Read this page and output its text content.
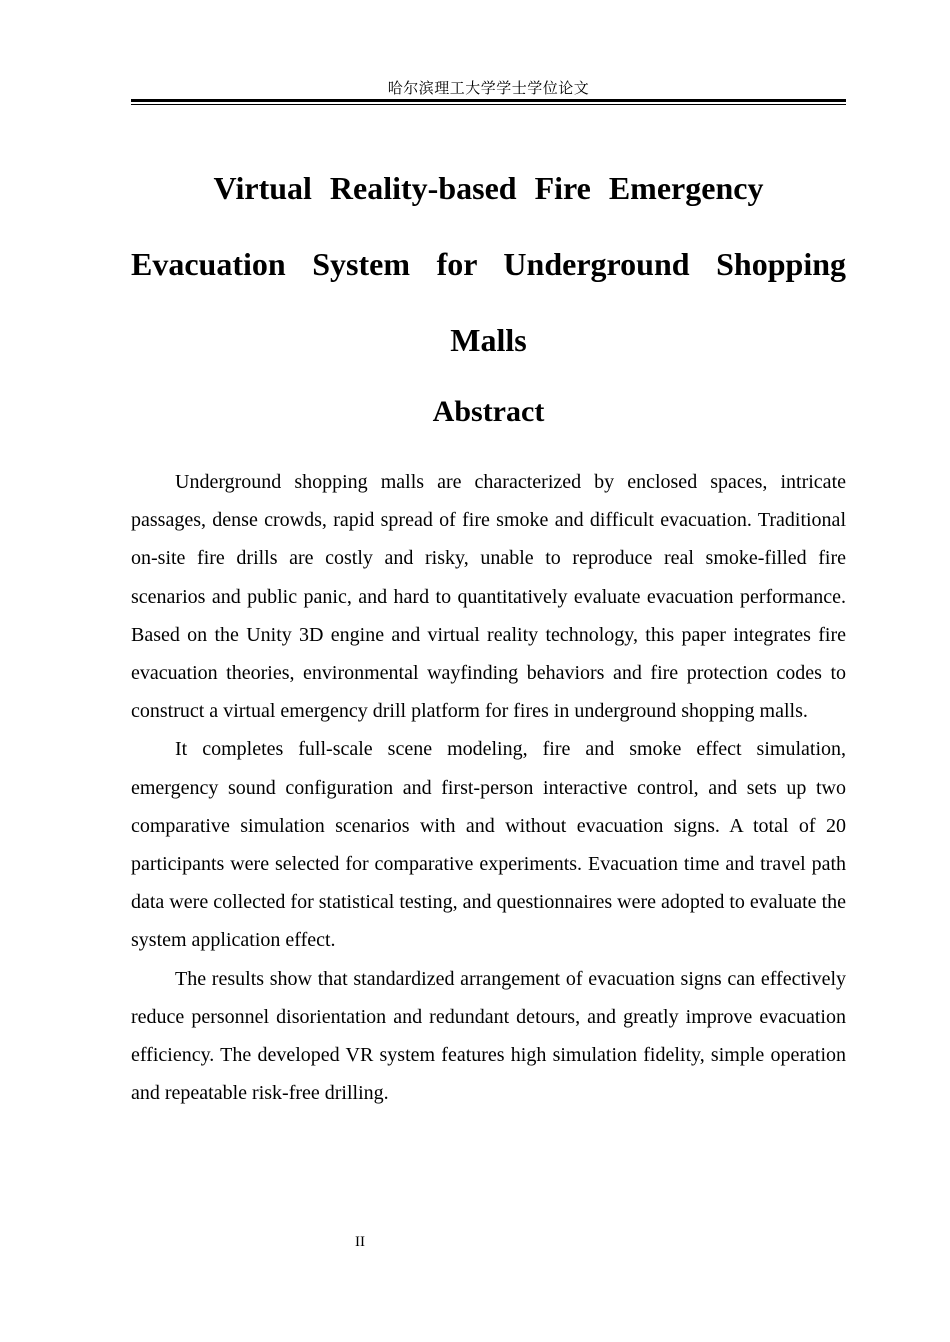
哈尔滨理工大学学士学位论文
Virtual Reality-based Fire Emergency
Evacuation System for Underground Shopping
Malls
Abstract

Underground shopping malls are characterized by enclosed spaces, intricate passages, dense crowds, rapid spread of fire smoke and difficult evacuation. Traditional on-site fire drills are costly and risky, unable to reproduce real smoke-filled fire scenarios and public panic, and hard to quantitatively evaluate evacuation performance. Based on the Unity 3D engine and virtual reality technology, this paper integrates fire evacuation theories, environmental wayfinding behaviors and fire protection codes to construct a virtual emergency drill platform for fires in underground shopping malls.

It completes full-scale scene modeling, fire and smoke effect simulation, emergency sound configuration and first-person interactive control, and sets up two comparative simulation scenarios with and without evacuation signs. A total of 20 participants were selected for comparative experiments. Evacuation time and travel path data were collected for statistical testing, and questionnaires were adopted to evaluate the system application effect.

The results show that standardized arrangement of evacuation signs can effectively reduce personnel disorientation and redundant detours, and greatly improve evacuation efficiency. The developed VR system features high simulation fidelity, simple operation and repeatable risk-free drilling.

II
